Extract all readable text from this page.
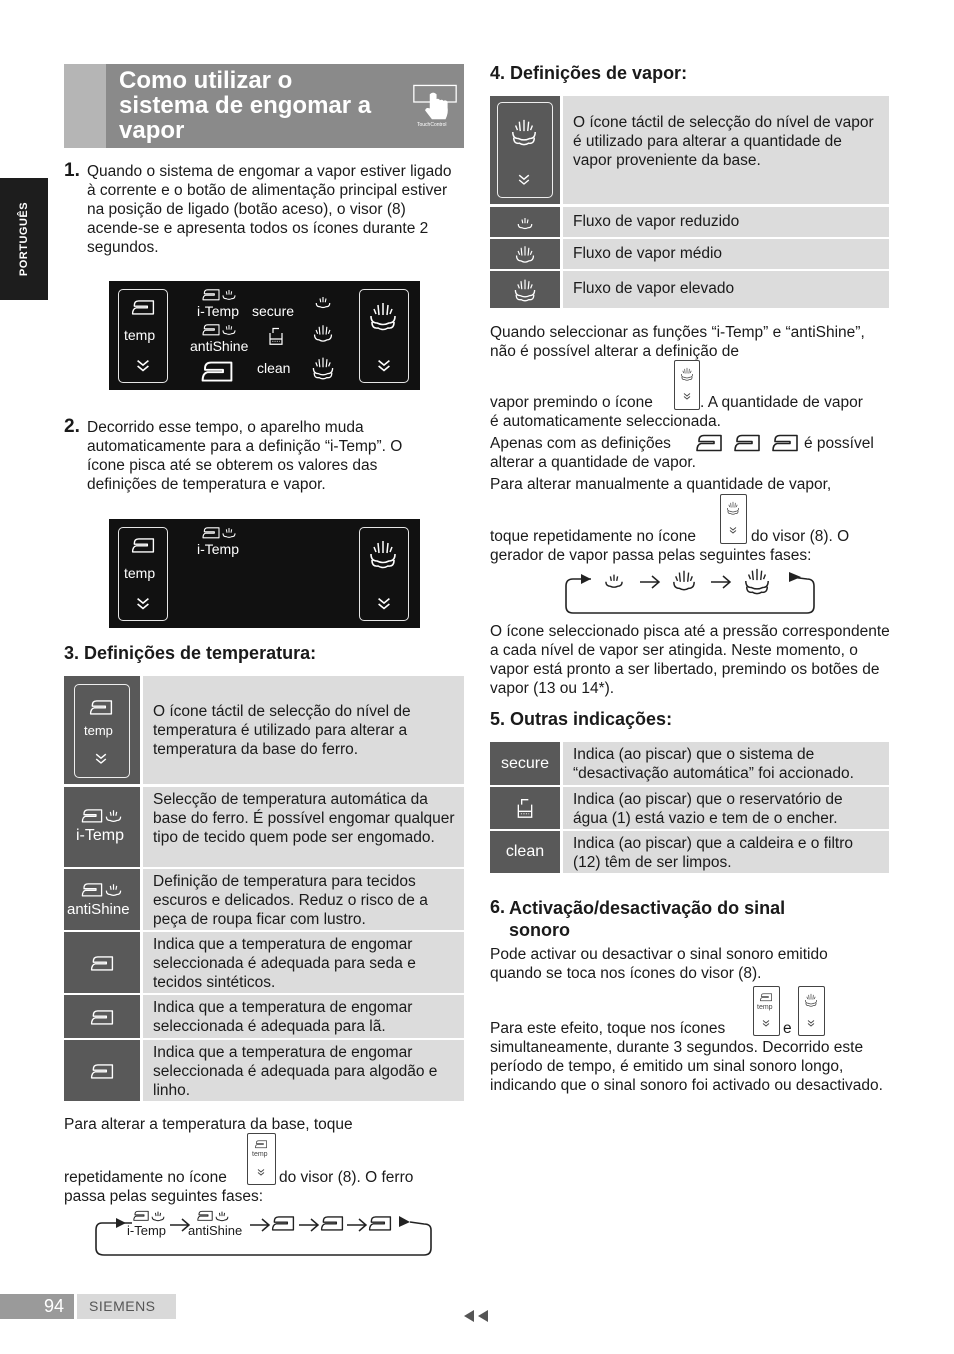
PORTUGUÊS
Como utilizar o sistema de engomar a vapor	TouchControl
1. Quando o sistema de engomar a vapor estiver ligado à corrente e o botão de alimentação principal estiver na posição de ligado (botão aceso), o visor (8) acende-se e apresenta todos os ícones durante 2 segundos.
temp
i-Temp
antiShine
secure
clean
2. Decorrido esse tempo, o aparelho muda automaticamente para a definição “i-Temp”. O ícone pisca até se obterem os valores das definições de temperatura e vapor.
temp
i-Temp
3. Definições de temperatura:
temp
O ícone táctil de selecção do nível de temperatura é utilizado para alterar a temperatura da base do ferro.
i-Temp
Selecção de temperatura automática da base do ferro. É possível engomar qualquer tipo de tecido quem pode ser engomado.
antiShine
Definição de temperatura para tecidos escuros e delicados. Reduz o risco de a peça de roupa ficar com lustro.
Indica que a temperatura de engomar seleccionada é adequada para seda e tecidos sintéticos.
Indica que a temperatura de engomar seleccionada é adequada para lã.
Indica que a temperatura de engomar seleccionada é adequada para algodão e linho.
Para alterar a temperatura da base, toque
repetidamente no ícone
temp
do visor (8). O ferro
passa pelas seguintes fases:
i-Temp antiShine
4. Definições de vapor:
O ícone táctil de selecção do nível de vapor é utilizado para alterar a quantidade de vapor proveniente da base.
Fluxo de vapor reduzido
Fluxo de vapor médio
Fluxo de vapor elevado
Quando seleccionar as funções “i-Temp” e “antiShine”, não é possível alterar a definição de
vapor premindo o ícone	. A quantidade de vapor
é automaticamente seleccionada.
Apenas com as definições	é possível
alterar a quantidade de vapor.
Para alterar manualmente a quantidade de vapor,
toque repetidamente no ícone	do visor (8). O
gerador de vapor passa pelas seguintes fases:
O ícone seleccionado pisca até a pressão correspondente a cada nível de vapor ser atingida. Neste momento, o vapor está pronto a ser libertado, premindo os botões de vapor (13 ou 14*).
5. Outras indicações:
secure	Indica (ao piscar) que o sistema de “desactivação automática” foi accionado.
Indica (ao piscar) que o reservatório de água (1) está vazio e tem de o encher.
clean	Indica (ao piscar) que a caldeira e o filtro (12) têm de ser limpos.
6. Activação/desactivação do sinal sonoro
Pode activar ou desactivar o sinal sonoro emitido quando se toca nos ícones do visor (8).
Para este efeito, toque nos ícones
temp
e
simultaneamente, durante 3 segundos. Decorrido este período de tempo, é emitido um sinal sonoro longo, indicando que o sinal sonoro foi activado ou desactivado.
94	SIEMENS
